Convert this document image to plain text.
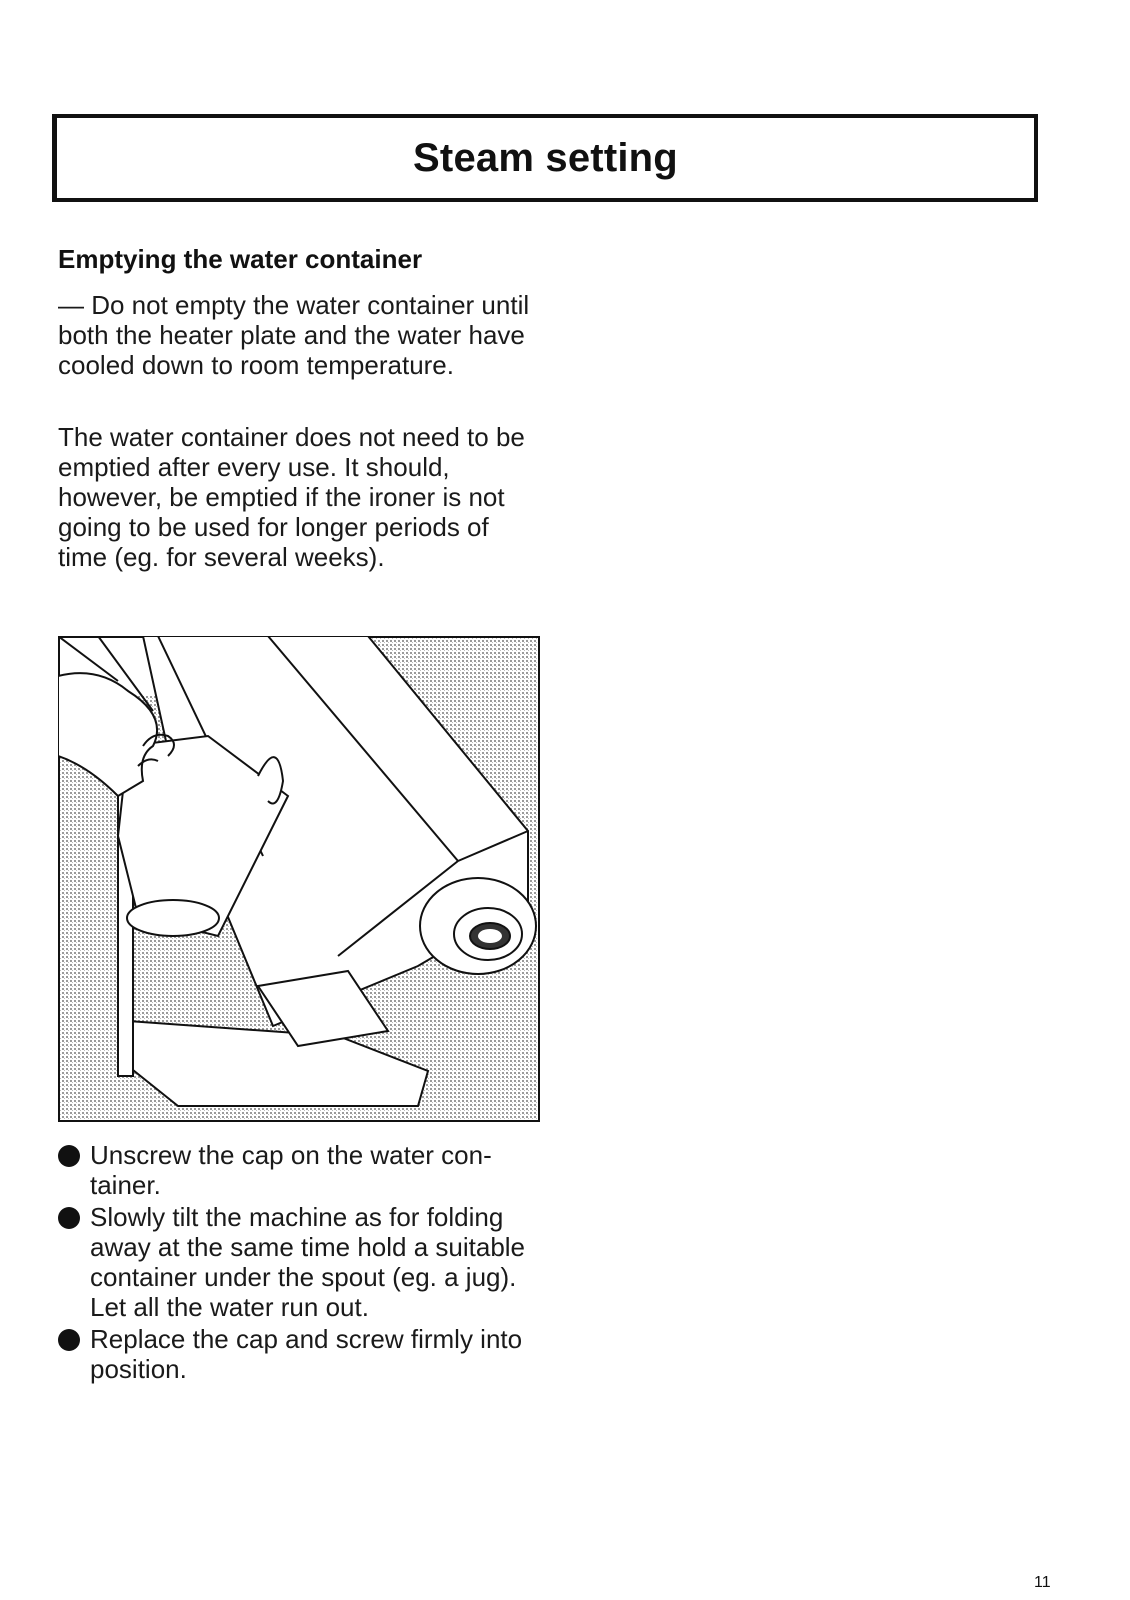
Steam setting
Emptying the water container

— Do not empty the water container until both the heater plate and the water have cooled down to room temperature.

The water container does not need to be emptied after every use. It should, however, be emptied if the ironer is not going to be used for longer periods of time (eg. for several weeks).

Unscrew the cap on the water con- tainer.
Slowly tilt the machine as for folding away at the same time hold a suitable container under the spout (eg. a jug). Let all the water run out.
Replace the cap and screw firmly into position.
11
